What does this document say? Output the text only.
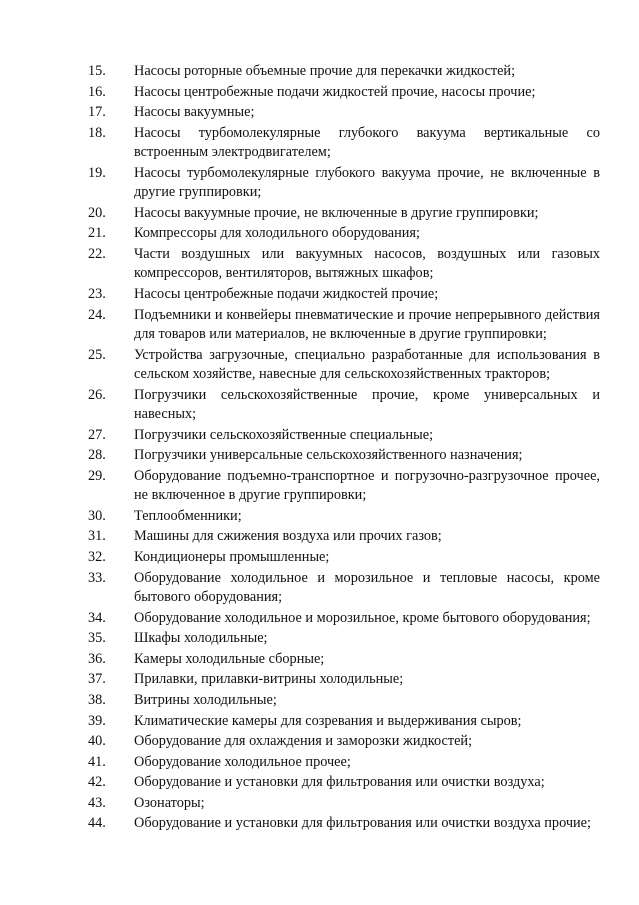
15.	Насосы роторные объемные прочие для перекачки жидкостей;
16.	Насосы центробежные подачи жидкостей прочие, насосы прочие;
17.	Насосы вакуумные;
18.	Насосы турбомолекулярные глубокого вакуума вертикальные со встроенным электродвигателем;
19.	Насосы турбомолекулярные глубокого вакуума прочие, не включенные в другие группировки;
20.	Насосы вакуумные прочие, не включенные в другие группировки;
21.	Компрессоры для холодильного оборудования;
22.	Части воздушных или вакуумных насосов, воздушных или газовых компрессоров, вентиляторов, вытяжных шкафов;
23.	Насосы центробежные подачи жидкостей прочие;
24.	Подъемники и конвейеры пневматические и прочие непрерывного действия для товаров или материалов, не включенные в другие группировки;
25.	Устройства загрузочные, специально разработанные для использования в сельском хозяйстве, навесные для сельскохозяйственных тракторов;
26.	Погрузчики сельскохозяйственные прочие, кроме универсальных и навесных;
27.	Погрузчики сельскохозяйственные специальные;
28.	Погрузчики универсальные сельскохозяйственного назначения;
29.	Оборудование подъемно-транспортное и погрузочно-разгрузочное прочее, не включенное в другие группировки;
30.	Теплообменники;
31.	Машины для сжижения воздуха или прочих газов;
32.	Кондиционеры промышленные;
33.	Оборудование холодильное и морозильное и тепловые насосы, кроме бытового оборудования;
34.	Оборудование холодильное и морозильное, кроме бытового оборудования;
35.	Шкафы холодильные;
36.	Камеры холодильные сборные;
37.	Прилавки, прилавки-витрины холодильные;
38.	Витрины холодильные;
39.	Климатические камеры для созревания и выдерживания сыров;
40.	Оборудование для охлаждения и заморозки жидкостей;
41.	Оборудование холодильное прочее;
42.	Оборудование и установки для фильтрования или очистки воздуха;
43.	Озонаторы;
44.	Оборудование и установки для фильтрования или очистки воздуха прочие;
